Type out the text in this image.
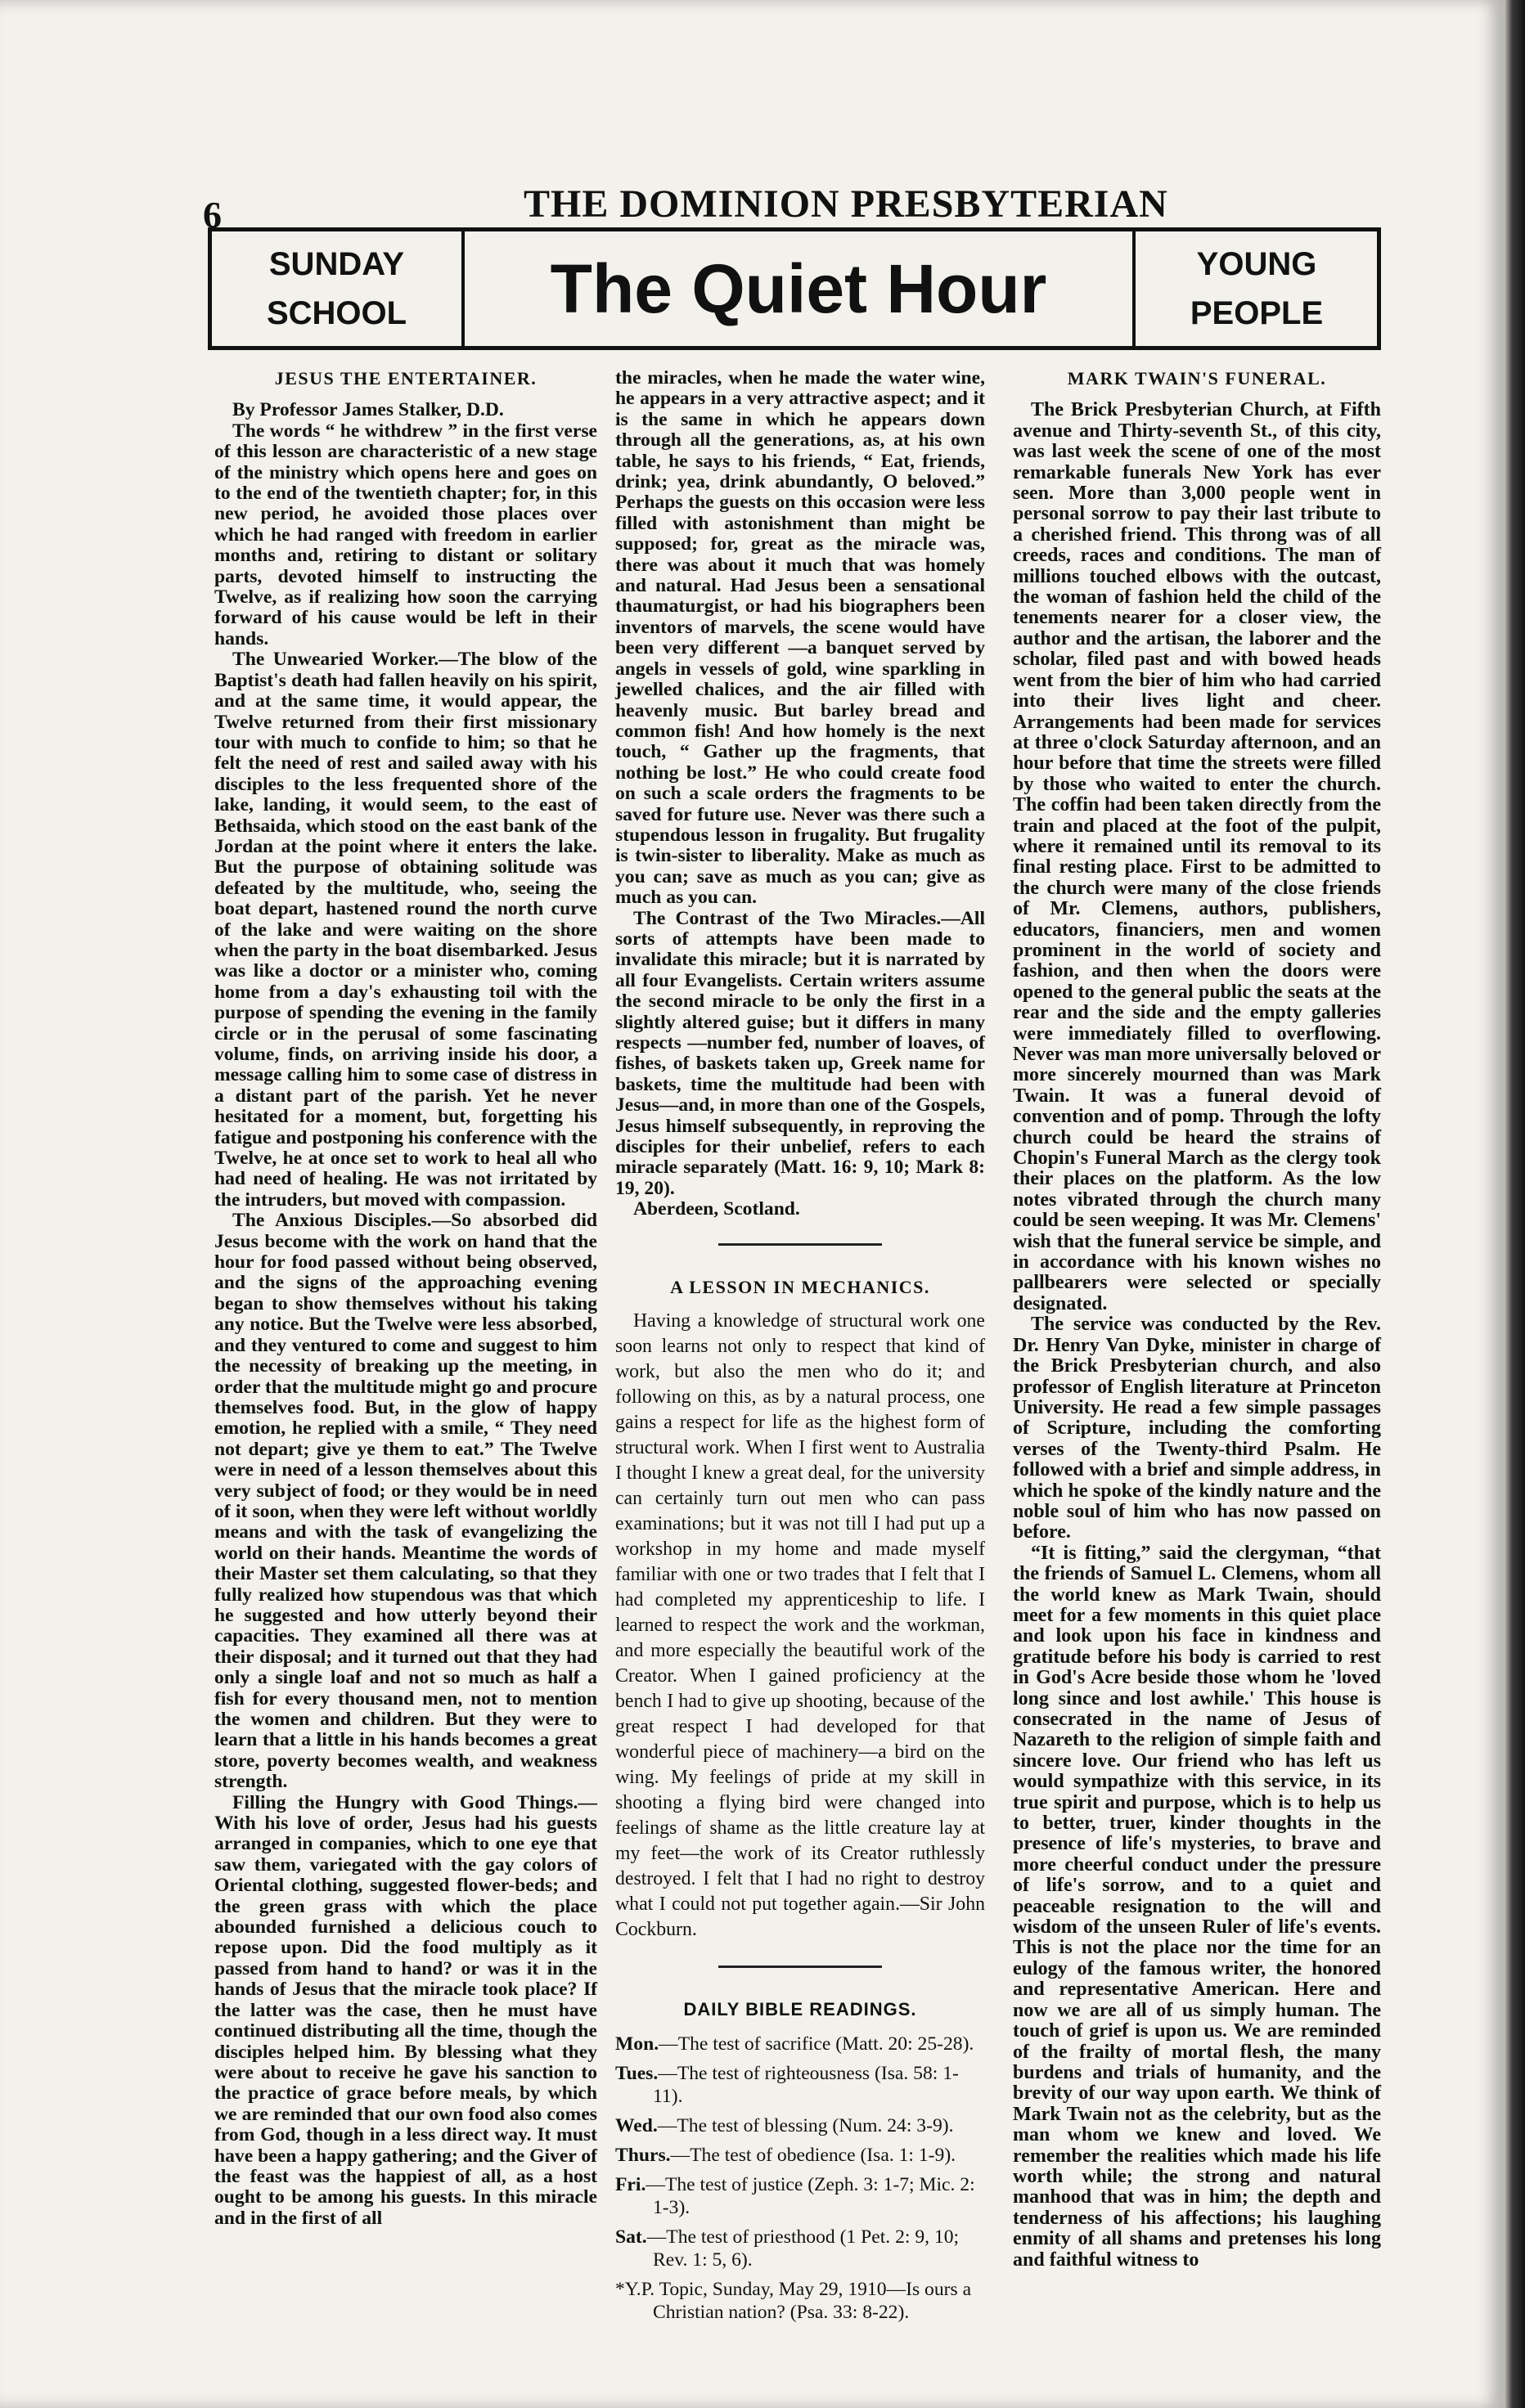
6	THE DOMINION PRESBYTERIAN
SUNDAY
SCHOOL	The Quiet Hour	YOUNG
PEOPLE
JESUS THE ENTERTAINER.

By Professor James Stalker, D.D.

The words “ he withdrew ” in the first verse of this lesson are characteristic of a new stage of the ministry which opens here and goes on to the end of the twentieth chapter; for, in this new period, he avoided those places over which he had ranged with freedom in earlier months and, retiring to distant or solitary parts, devoted himself to instructing the Twelve, as if realizing how soon the carrying forward of his cause would be left in their hands.

The Unwearied Worker.—The blow of the Baptist's death had fallen heavily on his spirit, and at the same time, it would appear, the Twelve returned from their first missionary tour with much to confide to him; so that he felt the need of rest and sailed away with his disciples to the less frequented shore of the lake, landing, it would seem, to the east of Bethsaida, which stood on the east bank of the Jordan at the point where it enters the lake. But the purpose of obtaining solitude was defeated by the multitude, who, seeing the boat depart, hastened round the north curve of the lake and were waiting on the shore when the party in the boat disembarked. Jesus was like a doctor or a minister who, coming home from a day's exhausting toil with the purpose of spending the evening in the family circle or in the perusal of some fascinating volume, finds, on arriving inside his door, a message calling him to some case of distress in a distant part of the parish. Yet he never hesitated for a moment, but, forgetting his fatigue and postponing his conference with the Twelve, he at once set to work to heal all who had need of healing. He was not irritated by the intruders, but moved with compassion.

The Anxious Disciples.—So absorbed did Jesus become with the work on hand that the hour for food passed without being observed, and the signs of the approaching evening began to show themselves without his taking any notice. But the Twelve were less absorbed, and they ventured to come and suggest to him the necessity of breaking up the meeting, in order that the multitude might go and procure themselves food. But, in the glow of happy emotion, he replied with a smile, “ They need not depart; give ye them to eat.” The Twelve were in need of a lesson themselves about this very subject of food; or they would be in need of it soon, when they were left without worldly means and with the task of evangelizing the world on their hands. Meantime the words of their Master set them calculating, so that they fully realized how stupendous was that which he suggested and how utterly beyond their capacities. They examined all there was at their disposal; and it turned out that they had only a single loaf and not so much as half a fish for every thousand men, not to mention the women and children. But they were to learn that a little in his hands becomes a great store, poverty becomes wealth, and weakness strength.

Filling the Hungry with Good Things.—With his love of order, Jesus had his guests arranged in companies, which to one eye that saw them, variegated with the gay colors of Oriental clothing, suggested flower-beds; and the green grass with which the place abounded furnished a delicious couch to repose upon. Did the food multiply as it passed from hand to hand? or was it in the hands of Jesus that the miracle took place? If the latter was the case, then he must have continued distributing all the time, though the disciples helped him. By blessing what they were about to receive he gave his sanction to the practice of grace before meals, by which we are reminded that our own food also comes from God, though in a less direct way. It must have been a happy gathering; and the Giver of the feast was the happiest of all, as a host ought to be among his guests. In this miracle and in the first of all

the miracles, when he made the water wine, he appears in a very attractive aspect; and it is the same in which he appears down through all the generations, as, at his own table, he says to his friends, “ Eat, friends, drink; yea, drink abundantly, O beloved.” Perhaps the guests on this occasion were less filled with astonishment than might be supposed; for, great as the miracle was, there was about it much that was homely and natural. Had Jesus been a sensational thaumaturgist, or had his biographers been inventors of marvels, the scene would have been very different —a banquet served by angels in vessels of gold, wine sparkling in jewelled chalices, and the air filled with heavenly music. But barley bread and common fish! And how homely is the next touch, “ Gather up the fragments, that nothing be lost.” He who could create food on such a scale orders the fragments to be saved for future use. Never was there such a stupendous lesson in frugality. But frugality is twin-sister to liberality. Make as much as you can; save as much as you can; give as much as you can.

The Contrast of the Two Miracles.—All sorts of attempts have been made to invalidate this miracle; but it is narrated by all four Evangelists. Certain writers assume the second miracle to be only the first in a slightly altered guise; but it differs in many respects —number fed, number of loaves, of fishes, of baskets taken up, Greek name for baskets, time the multitude had been with Jesus—and, in more than one of the Gospels, Jesus himself subsequently, in reproving the disciples for their unbelief, refers to each miracle separately (Matt. 16: 9, 10; Mark 8: 19, 20).

Aberdeen, Scotland.

A LESSON IN MECHANICS.

Having a knowledge of structural work one soon learns not only to respect that kind of work, but also the men who do it; and following on this, as by a natural process, one gains a respect for life as the highest form of structural work. When I first went to Australia I thought I knew a great deal, for the university can certainly turn out men who can pass examinations; but it was not till I had put up a workshop in my home and made myself familiar with one or two trades that I felt that I had completed my apprenticeship to life. I learned to respect the work and the workman, and more especially the beautiful work of the Creator. When I gained proficiency at the bench I had to give up shooting, because of the great respect I had developed for that wonderful piece of machinery—a bird on the wing. My feelings of pride at my skill in shooting a flying bird were changed into feelings of shame as the little creature lay at my feet—the work of its Creator ruthlessly destroyed. I felt that I had no right to destroy what I could not put together again.—Sir John Cockburn.

DAILY BIBLE READINGS.
Mon.—The test of sacrifice (Matt. 20: 25-28).
Tues.—The test of righteousness (Isa. 58: 1-11).
Wed.—The test of blessing (Num. 24: 3-9).
Thurs.—The test of obedience (Isa. 1: 1-9).
Fri.—The test of justice (Zeph. 3: 1-7; Mic. 2: 1-3).
Sat.—The test of priesthood (1 Pet. 2: 9, 10; Rev. 1: 5, 6).
*Y.P. Topic, Sunday, May 29, 1910—Is ours a Christian nation? (Psa. 33: 8-22).
MARK TWAIN'S FUNERAL.

The Brick Presbyterian Church, at Fifth avenue and Thirty-seventh St., of this city, was last week the scene of one of the most remarkable funerals New York has ever seen. More than 3,000 people went in personal sorrow to pay their last tribute to a cherished friend. This throng was of all creeds, races and conditions. The man of millions touched elbows with the outcast, the woman of fashion held the child of the tenements nearer for a closer view, the author and the artisan, the laborer and the scholar, filed past and with bowed heads went from the bier of him who had carried into their lives light and cheer. Arrangements had been made for services at three o'clock Saturday afternoon, and an hour before that time the streets were filled by those who waited to enter the church. The coffin had been taken directly from the train and placed at the foot of the pulpit, where it remained until its removal to its final resting place. First to be admitted to the church were many of the close friends of Mr. Clemens, authors, publishers, educators, financiers, men and women prominent in the world of society and fashion, and then when the doors were opened to the general public the seats at the rear and the side and the empty galleries were immediately filled to overflowing. Never was man more universally beloved or more sincerely mourned than was Mark Twain. It was a funeral devoid of convention and of pomp. Through the lofty church could be heard the strains of Chopin's Funeral March as the clergy took their places on the platform. As the low notes vibrated through the church many could be seen weeping. It was Mr. Clemens' wish that the funeral service be simple, and in accordance with his known wishes no pallbearers were selected or specially designated.

The service was conducted by the Rev. Dr. Henry Van Dyke, minister in charge of the Brick Presbyterian church, and also professor of English literature at Princeton University. He read a few simple passages of Scripture, including the comforting verses of the Twenty-third Psalm. He followed with a brief and simple address, in which he spoke of the kindly nature and the noble soul of him who has now passed on before.

“It is fitting,” said the clergyman, “that the friends of Samuel L. Clemens, whom all the world knew as Mark Twain, should meet for a few moments in this quiet place and look upon his face in kindness and gratitude before his body is carried to rest in God's Acre beside those whom he 'loved long since and lost awhile.' This house is consecrated in the name of Jesus of Nazareth to the religion of simple faith and sincere love. Our friend who has left us would sympathize with this service, in its true spirit and purpose, which is to help us to better, truer, kinder thoughts in the presence of life's mysteries, to brave and more cheerful conduct under the pressure of life's sorrow, and to a quiet and peaceable resignation to the will and wisdom of the unseen Ruler of life's events. This is not the place nor the time for an eulogy of the famous writer, the honored and representative American. Here and now we are all of us simply human. The touch of grief is upon us. We are reminded of the frailty of mortal flesh, the many burdens and trials of humanity, and the brevity of our way upon earth. We think of Mark Twain not as the celebrity, but as the man whom we knew and loved. We remember the realities which made his life worth while; the strong and natural manhood that was in him; the depth and tenderness of his affections; his laughing enmity of all shams and pretenses his long and faithful witness to
